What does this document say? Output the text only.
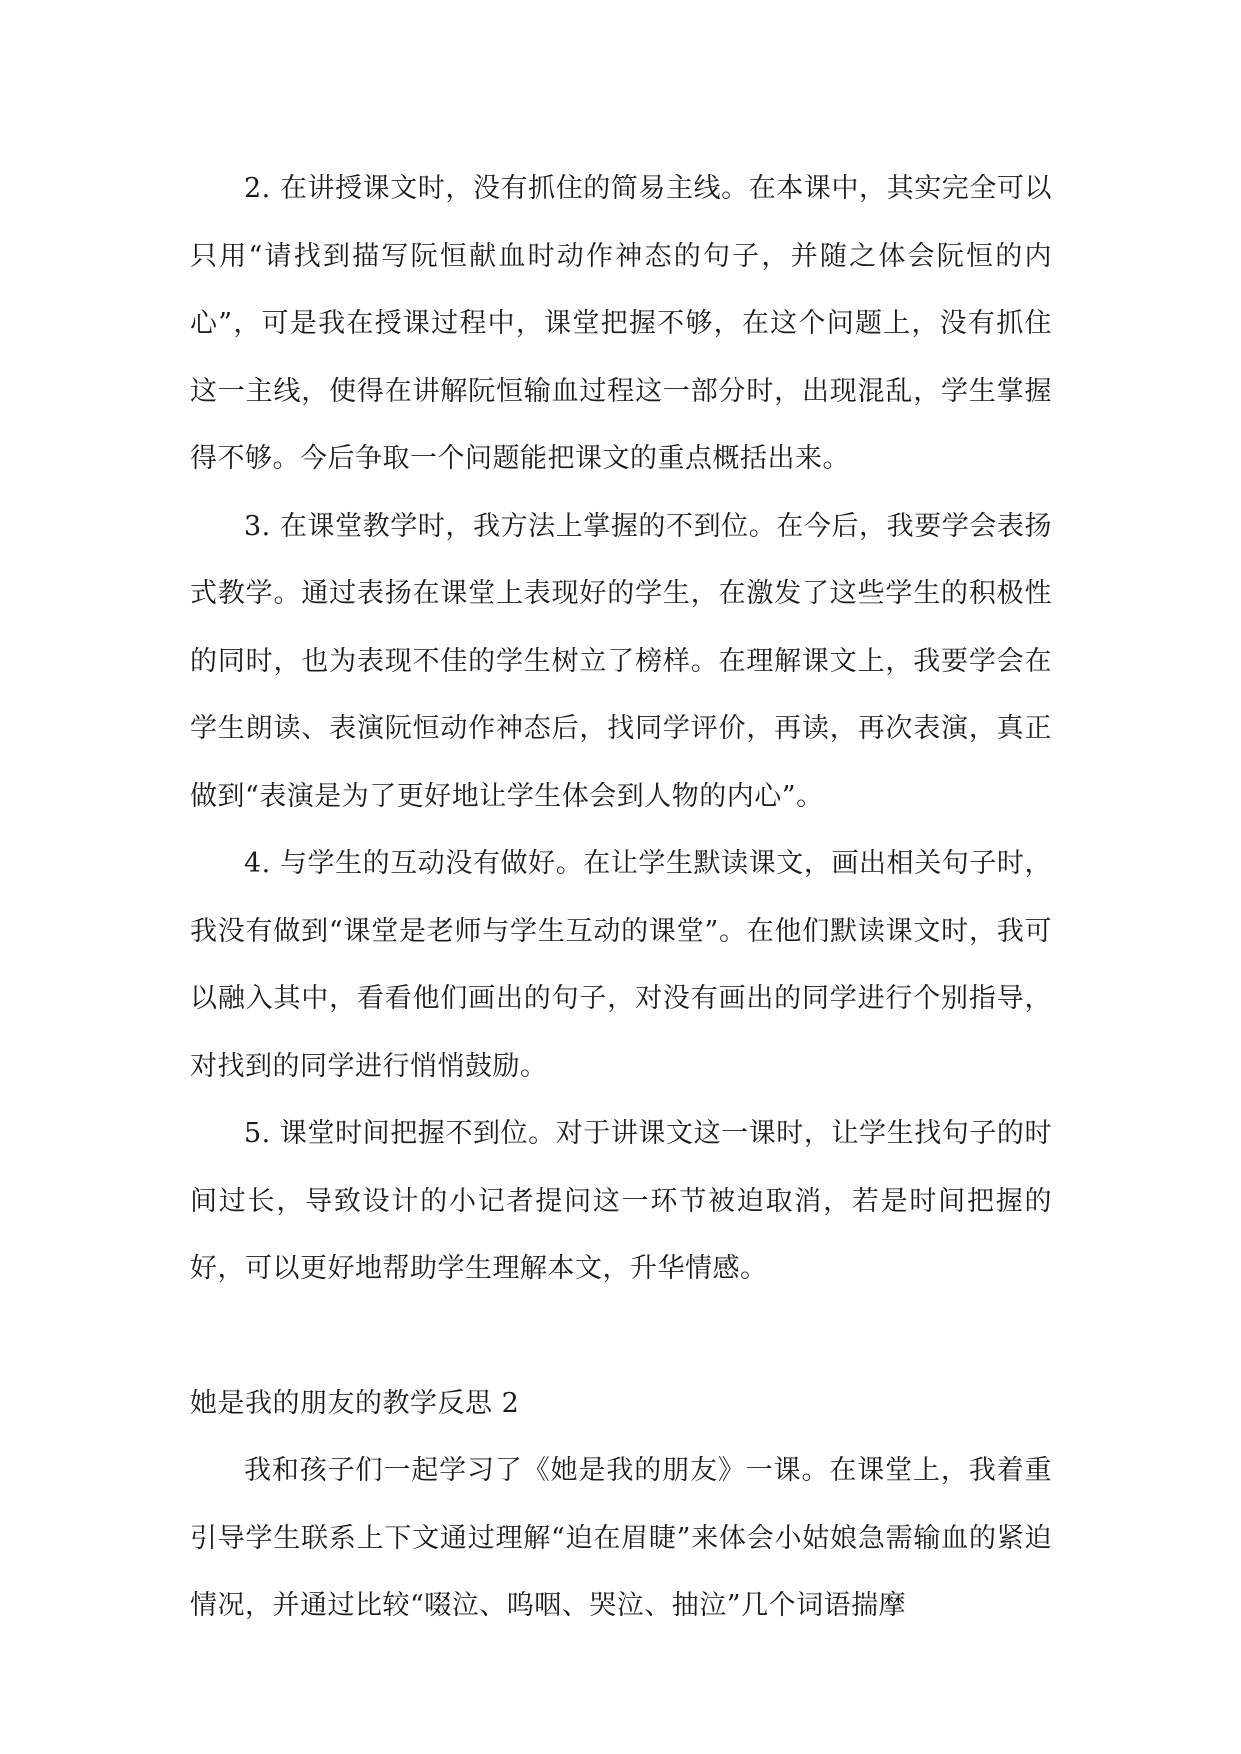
2. 在讲授课文时，没有抓住的简易主线。在本课中，其实完全可以只用“请找到描写阮恒献血时动作神态的句子，并随之体会阮恒的内心”，可是我在授课过程中，课堂把握不够，在这个问题上，没有抓住这一主线，使得在讲解阮恒输血过程这一部分时，出现混乱，学生掌握得不够。今后争取一个问题能把课文的重点概括出来。

3. 在课堂教学时，我方法上掌握的不到位。在今后，我要学会表扬式教学。通过表扬在课堂上表现好的学生，在激发了这些学生的积极性的同时，也为表现不佳的学生树立了榜样。在理解课文上，我要学会在学生朗读、表演阮恒动作神态后，找同学评价，再读，再次表演，真正做到“表演是为了更好地让学生体会到人物的内心”。

4. 与学生的互动没有做好。在让学生默读课文，画出相关句子时，我没有做到“课堂是老师与学生互动的课堂”。在他们默读课文时，我可以融入其中，看看他们画出的句子，对没有画出的同学进行个别指导，对找到的同学进行悄悄鼓励。

5. 课堂时间把握不到位。对于讲课文这一课时，让学生找句子的时间过长，导致设计的小记者提问这一环节被迫取消，若是时间把握的好，可以更好地帮助学生理解本文，升华情感。

她是我的朋友的教学反思 2

我和孩子们一起学习了《她是我的朋友》一课。在课堂上，我着重引导学生联系上下文通过理解“迫在眉睫”来体会小姑娘急需输血的紧迫情况，并通过比较“啜泣、呜咽、哭泣、抽泣”几个词语揣摩
